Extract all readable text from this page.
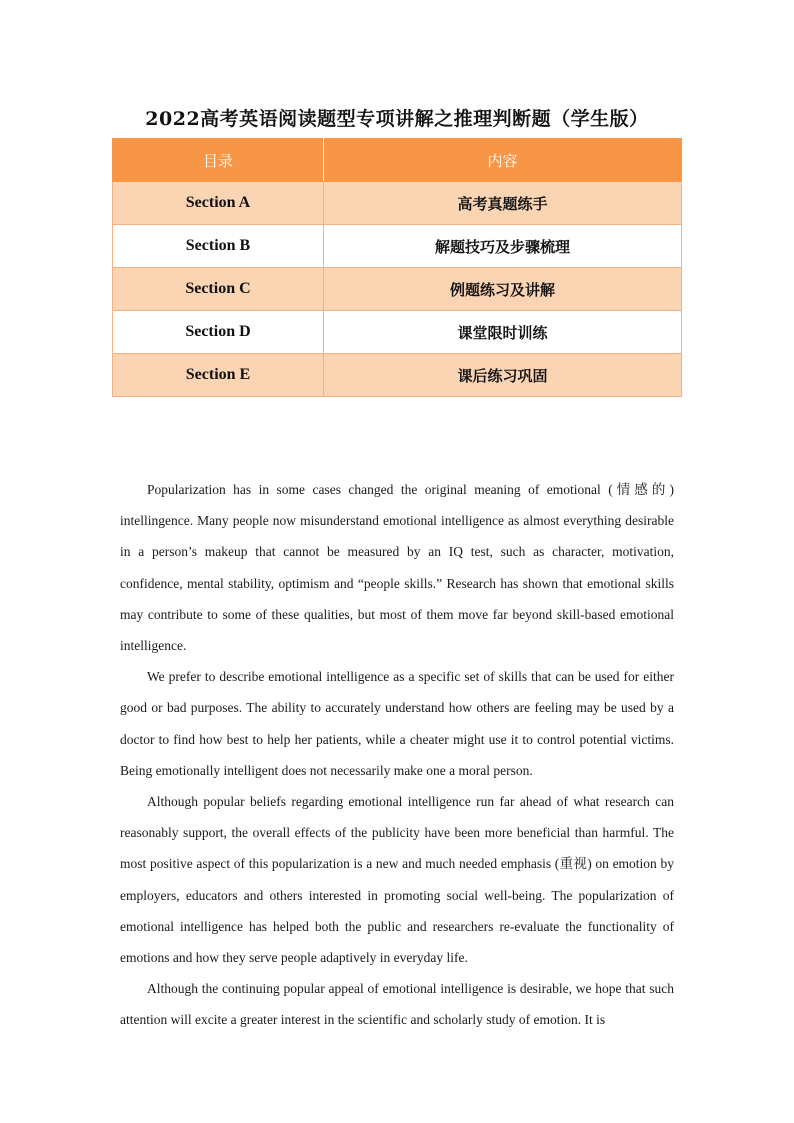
2022高考英语阅读题型专项讲解之推理判断题（学生版）
目录	内容
Section A	高考真题练手
Section B	解题技巧及步骤梳理
Section C	例题练习及讲解
Section D	课堂限时训练
Section E	课后练习巩固

Popularization has in some cases changed the original meaning of emotional (情感的) intellingence. Many people now misunderstand emotional intelligence as almost everything desirable in a person’s makeup that cannot be measured by an IQ test, such as character, motivation, confidence, mental stability, optimism and “people skills.” Research has shown that emotional skills may contribute to some of these qualities, but most of them move far beyond skill-based emotional intelligence.

We prefer to describe emotional intelligence as a specific set of skills that can be used for either good or bad purposes. The ability to accurately understand how others are feeling may be used by a doctor to find how best to help her patients, while a cheater might use it to control potential victims. Being emotionally intelligent does not necessarily make one a moral person.

Although popular beliefs regarding emotional intelligence run far ahead of what research can reasonably support, the overall effects of the publicity have been more beneficial than harmful. The most positive aspect of this popularization is a new and much needed emphasis (重视) on emotion by employers, educators and others interested in promoting social well-being. The popularization of emotional intelligence has helped both the public and researchers re-evaluate the functionality of emotions and how they serve people adaptively in everyday life.

Although the continuing popular appeal of emotional intelligence is desirable, we hope that such attention will excite a greater interest in the scientific and scholarly study of emotion. It is
